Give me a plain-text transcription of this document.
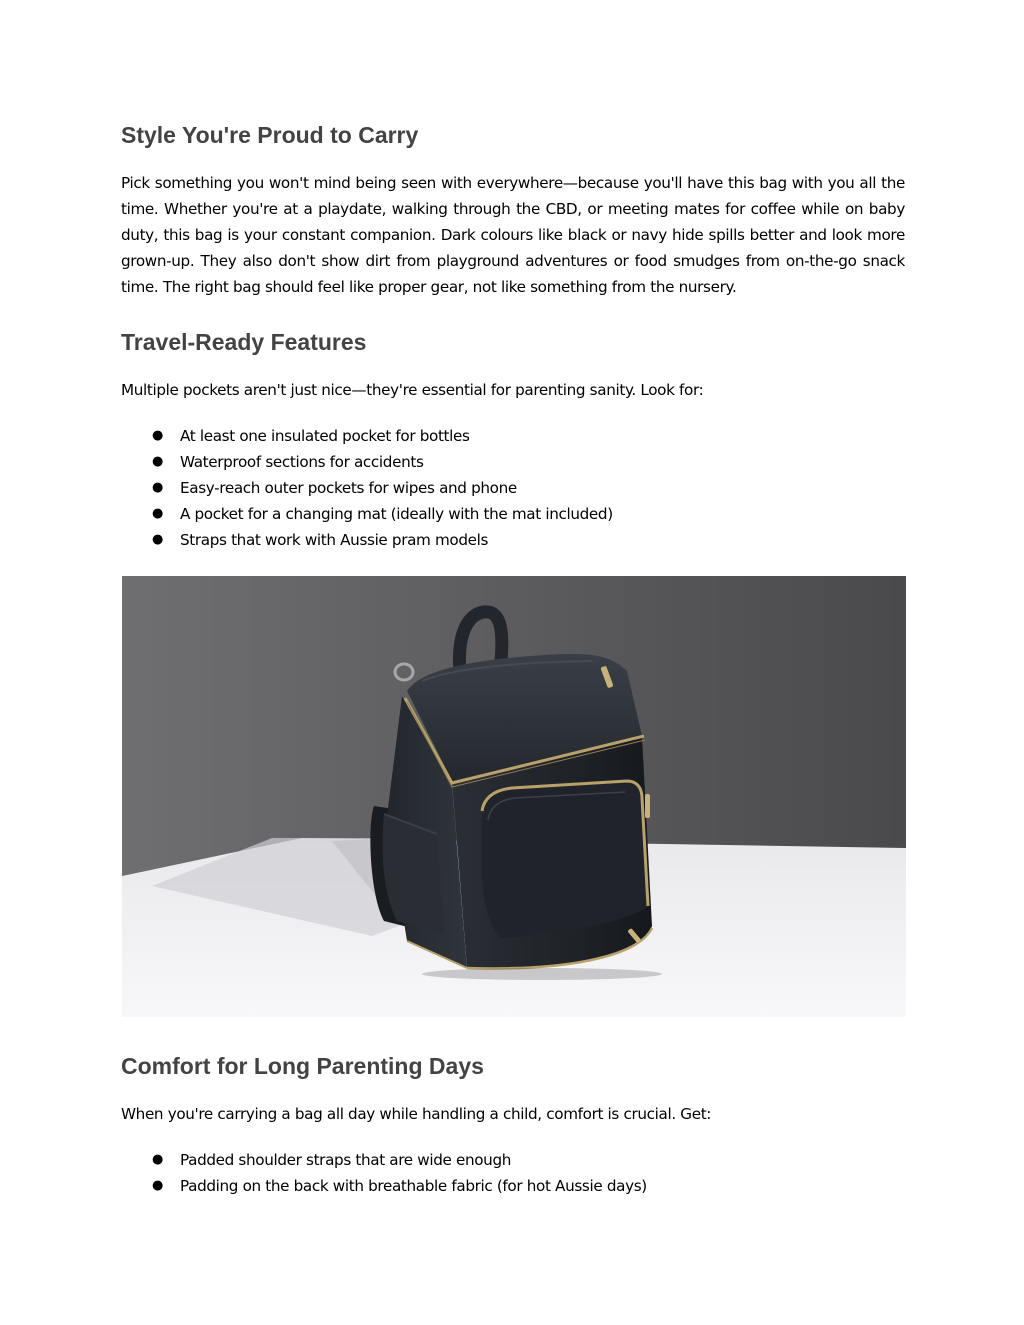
Style You're Proud to Carry

Pick something you won't mind being seen with everywhere—because you'll have this bag with you all the time. Whether you're at a playdate, walking through the CBD, or meeting mates for coffee while on baby duty, this bag is your constant companion. Dark colours like black or navy hide spills better and look more grown-up. They also don't show dirt from playground adventures or food smudges from on-the-go snack time. The right bag should feel like proper gear, not like something from the nursery.

Travel-Ready Features

Multiple pockets aren't just nice—they're essential for parenting sanity. Look for:

● At least one insulated pocket for bottles
● Waterproof sections for accidents
● Easy-reach outer pockets for wipes and phone
● A pocket for a changing mat (ideally with the mat included)
● Straps that work with Aussie pram models
Comfort for Long Parenting Days

When you're carrying a bag all day while handling a child, comfort is crucial. Get:

● Padded shoulder straps that are wide enough
● Padding on the back with breathable fabric (for hot Aussie days)
